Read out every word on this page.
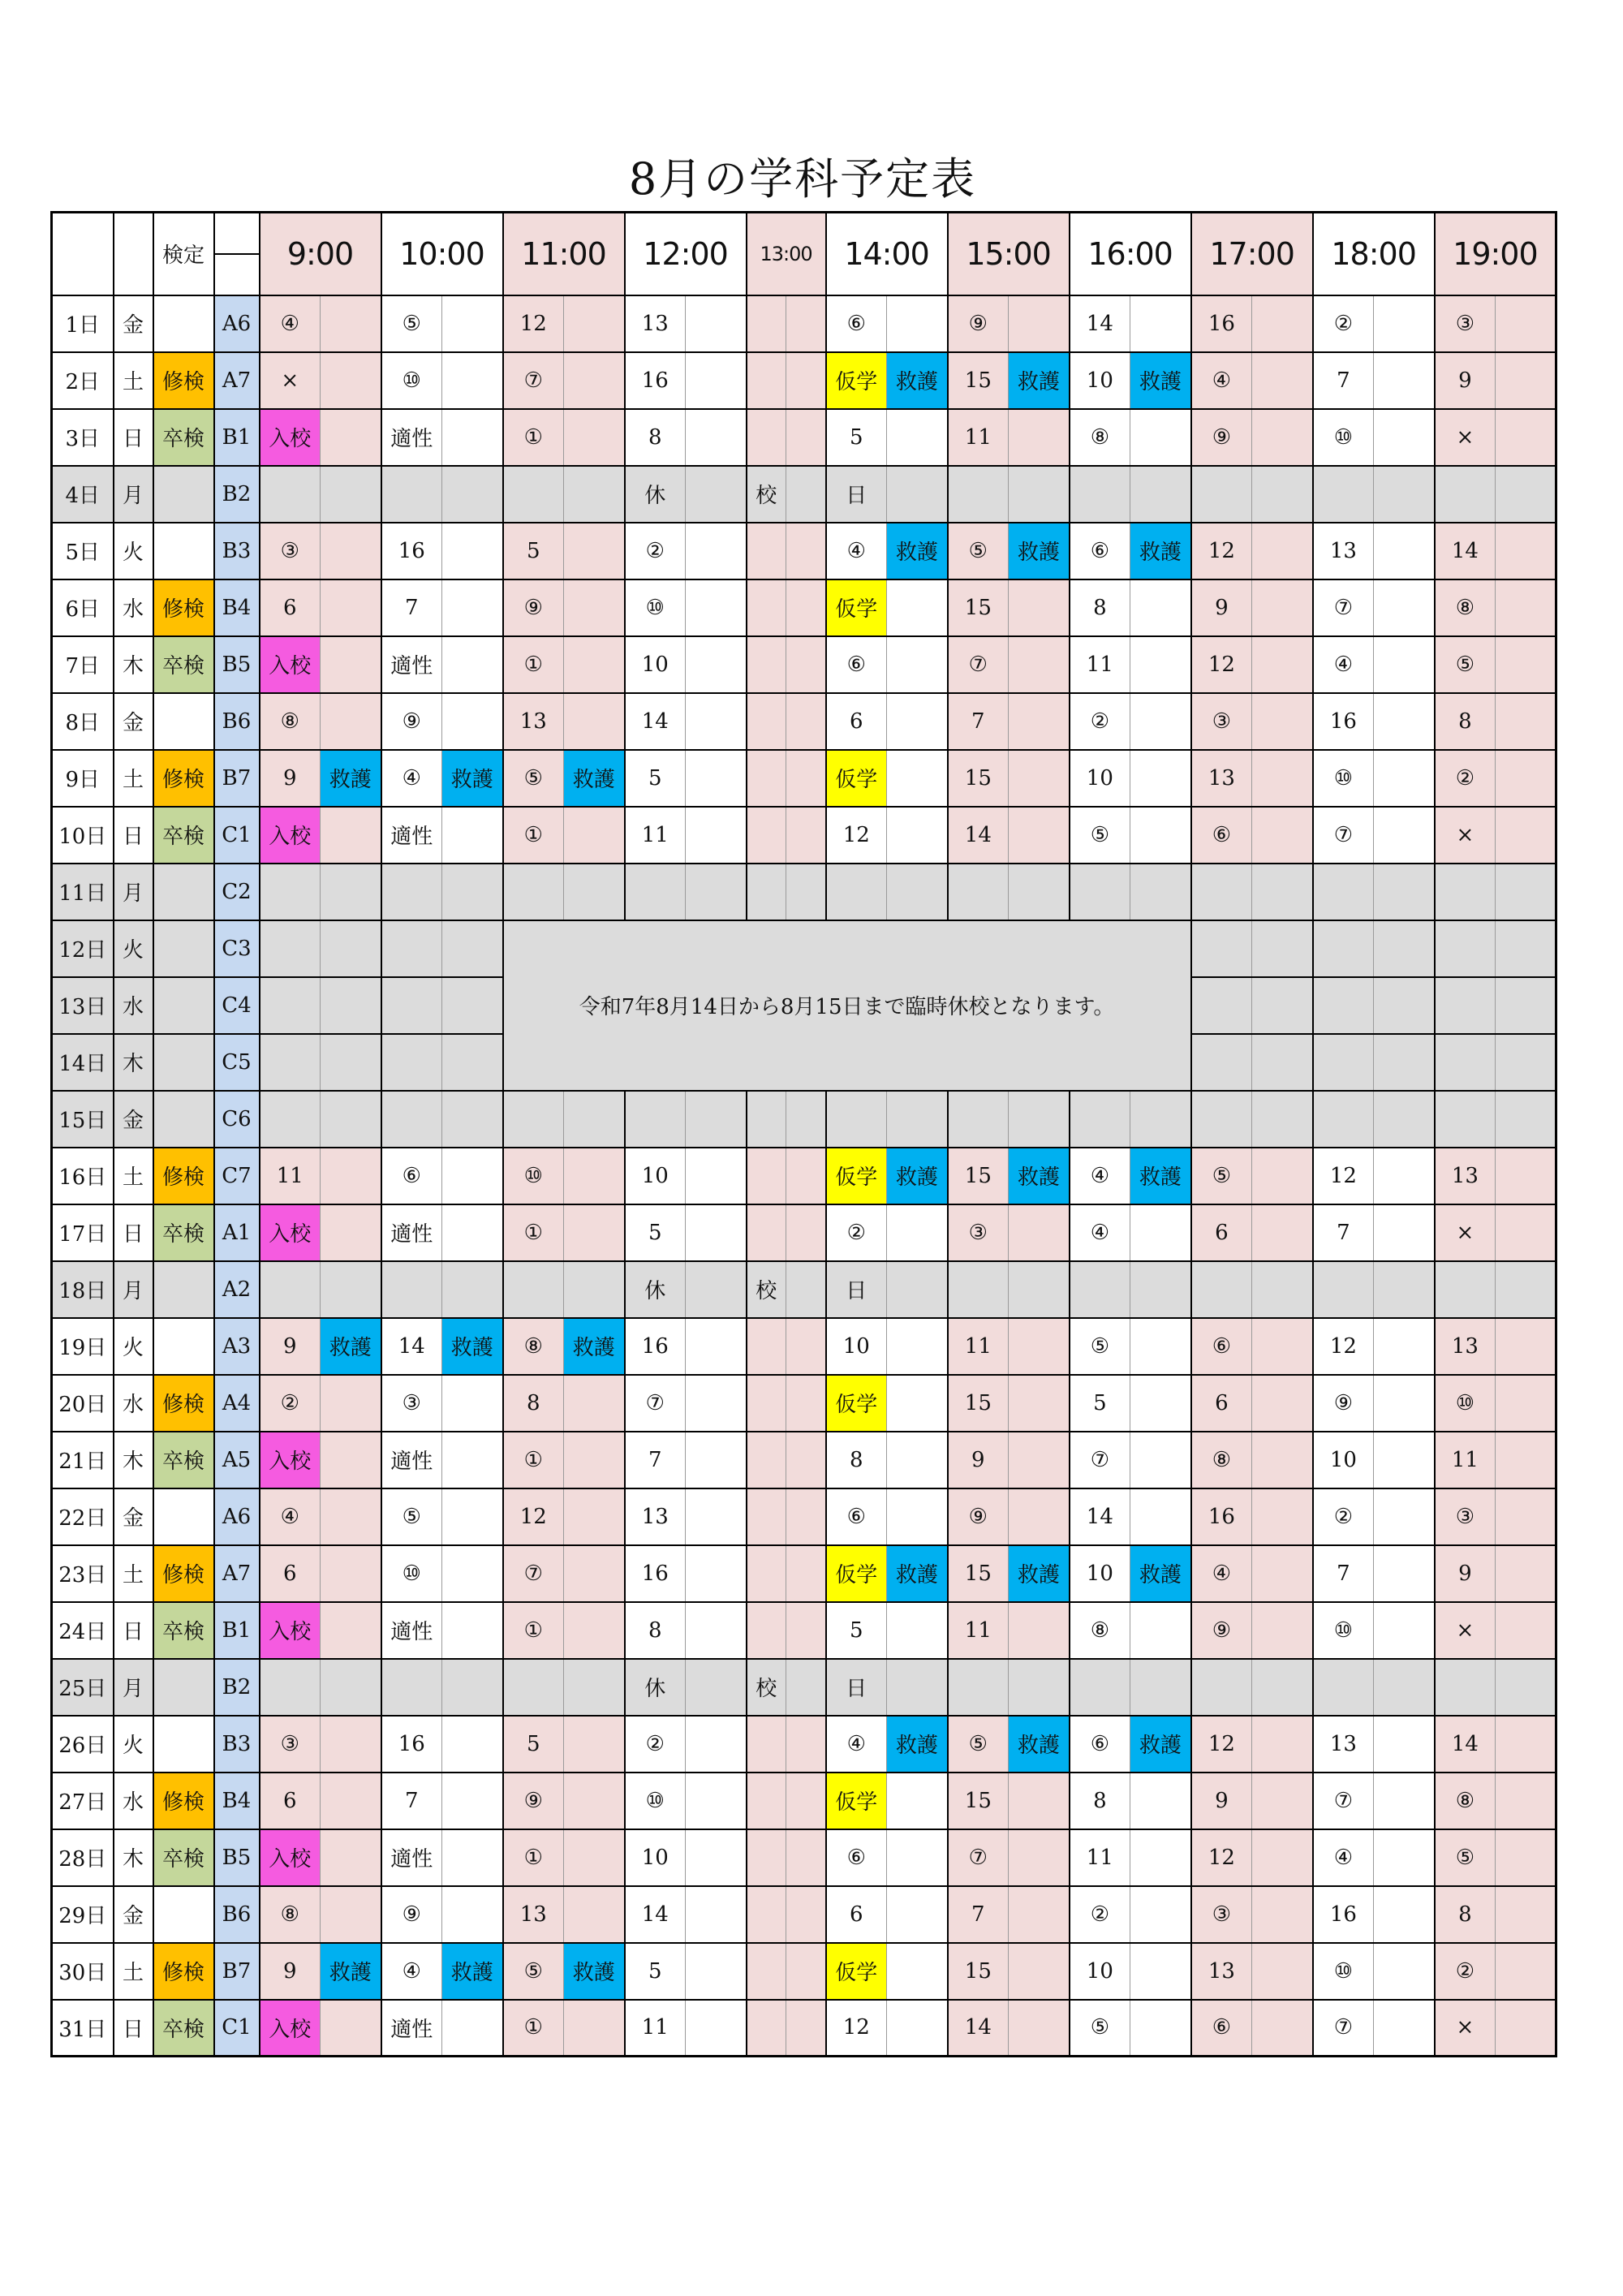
8月の学科予定表
		検定		9:00		10:00		11:00		12:00		13:00		14:00		15:00		16:00		17:00		18:00		19:00	
1日	金		A6	④		⑤		12		13				⑥		⑨		14		16		②		③	
2日	土	修検	A7	×		⑩		⑦		16				仮学	救護	15	救護	10	救護	④		7		9	
3日	日	卒検	B1	入校		適性		①		8				5		11		⑧		⑨		⑩		×	
4日	月		B2							休		校		日											
5日	火		B3	③		16		5		②				④	救護	⑤	救護	⑥	救護	12		13		14	
6日	水	修検	B4	6		7		⑨		⑩				仮学		15		8		9		⑦		⑧	
7日	木	卒検	B5	入校		適性		①		10				⑥		⑦		11		12		④		⑤	
8日	金		B6	⑧		⑨		13		14				6		7		②		③		16		8	
9日	土	修検	B7	9	救護	④	救護	⑤	救護	5				仮学		15		10		13		⑩		②	
10日	日	卒検	C1	入校		適性		①		11				12		14		⑤		⑥		⑦		×	
11日	月		C2																						
12日	火		C3					令和7年8月14日から8月15日まで臨時休校となります。																	
13日	水		C4																						
14日	木		C5																						
15日	金		C6																						
16日	土	修検	C7	11		⑥		⑩		10				仮学	救護	15	救護	④	救護	⑤		12		13	
17日	日	卒検	A1	入校		適性		①		5				②		③		④		6		7		×	
18日	月		A2							休		校		日											
19日	火		A3	9	救護	14	救護	⑧	救護	16				10		11		⑤		⑥		12		13	
20日	水	修検	A4	②		③		8		⑦				仮学		15		5		6		⑨		⑩	
21日	木	卒検	A5	入校		適性		①		7				8		9		⑦		⑧		10		11	
22日	金		A6	④		⑤		12		13				⑥		⑨		14		16		②		③	
23日	土	修検	A7	6		⑩		⑦		16				仮学	救護	15	救護	10	救護	④		7		9	
24日	日	卒検	B1	入校		適性		①		8				5		11		⑧		⑨		⑩		×	
25日	月		B2							休		校		日											
26日	火		B3	③		16		5		②				④	救護	⑤	救護	⑥	救護	12		13		14	
27日	水	修検	B4	6		7		⑨		⑩				仮学		15		8		9		⑦		⑧	
28日	木	卒検	B5	入校		適性		①		10				⑥		⑦		11		12		④		⑤	
29日	金		B6	⑧		⑨		13		14				6		7		②		③		16		8	
30日	土	修検	B7	9	救護	④	救護	⑤	救護	5				仮学		15		10		13		⑩		②	
31日	日	卒検	C1	入校		適性		①		11				12		14		⑤		⑥		⑦		×	
